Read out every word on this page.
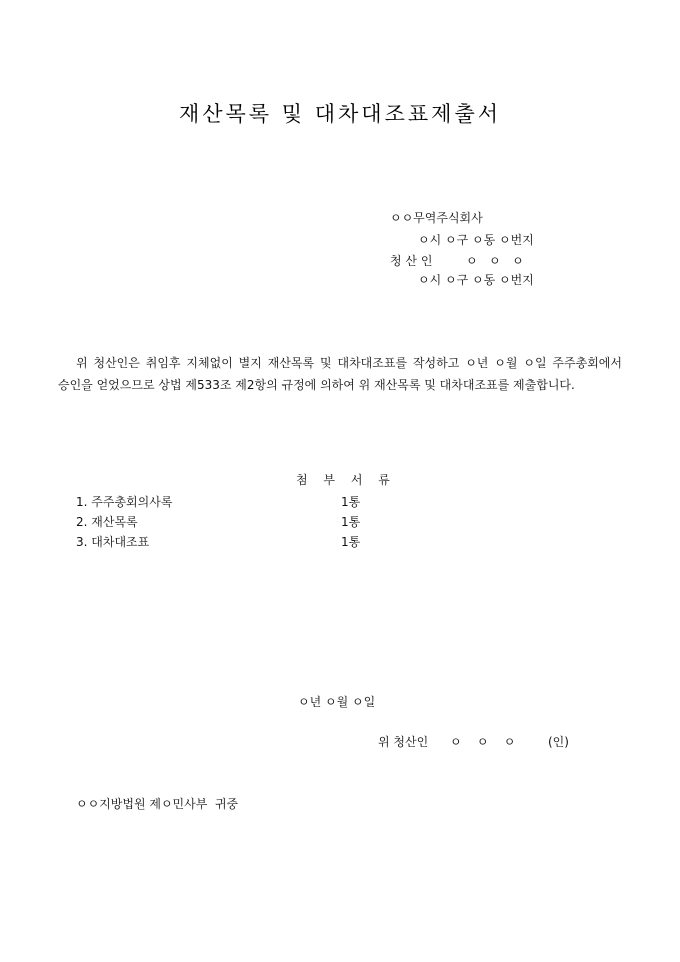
재산목록 및 대차대조표제출서
ㅇㅇ무역주식회사
ㅇ시 ㅇ구 ㅇ동 ㅇ번지
청 산 인	ㅇ   ㅇ   ㅇ
ㅇ시 ㅇ구 ㅇ동 ㅇ번지
위 청산인은 취임후 지체없이 별지 재산목록 및 대차대조표를 작성하고 ㅇ년 ㅇ월 ㅇ일 주주총회에서 승인을 얻었으므로 상법 제533조 제2항의 규정에 의하여 위 재산목록 및 대차대조표를 제출합니다.
첨 부 서 류
1. 주주총회의사록	1통
2. 재산목록	1통
3. 대차대조표	1통
ㅇ년 ㅇ월 ㅇ일
위 청산인 ㅇ    ㅇ    ㅇ	(인)
ㅇㅇ지방법원 제ㅇ민사부  귀중
